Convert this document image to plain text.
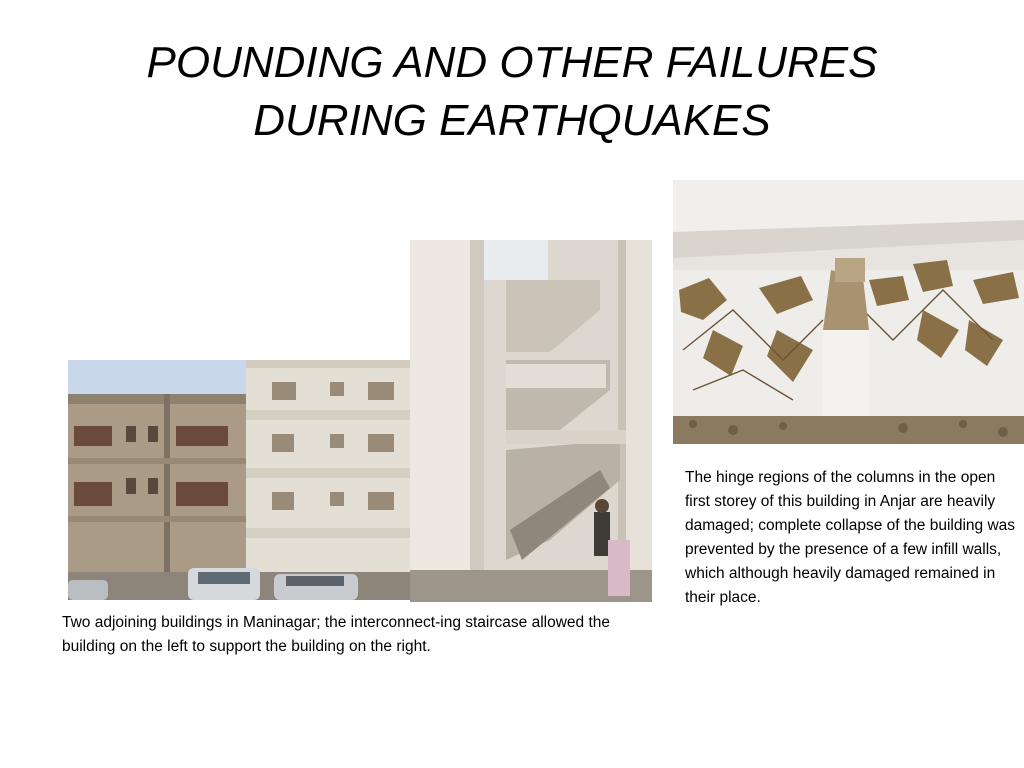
POUNDING AND OTHER FAILURES
DURING EARTHQUAKES

The hinge regions of the columns in the open first storey of this building in Anjar are heavily damaged; complete collapse of the building was prevented by the presence of a few infill walls, which although heavily damaged remained in their place.

Two adjoining buildings in Maninagar; the interconnect-ing staircase allowed the building on the left to support the building on the right.
